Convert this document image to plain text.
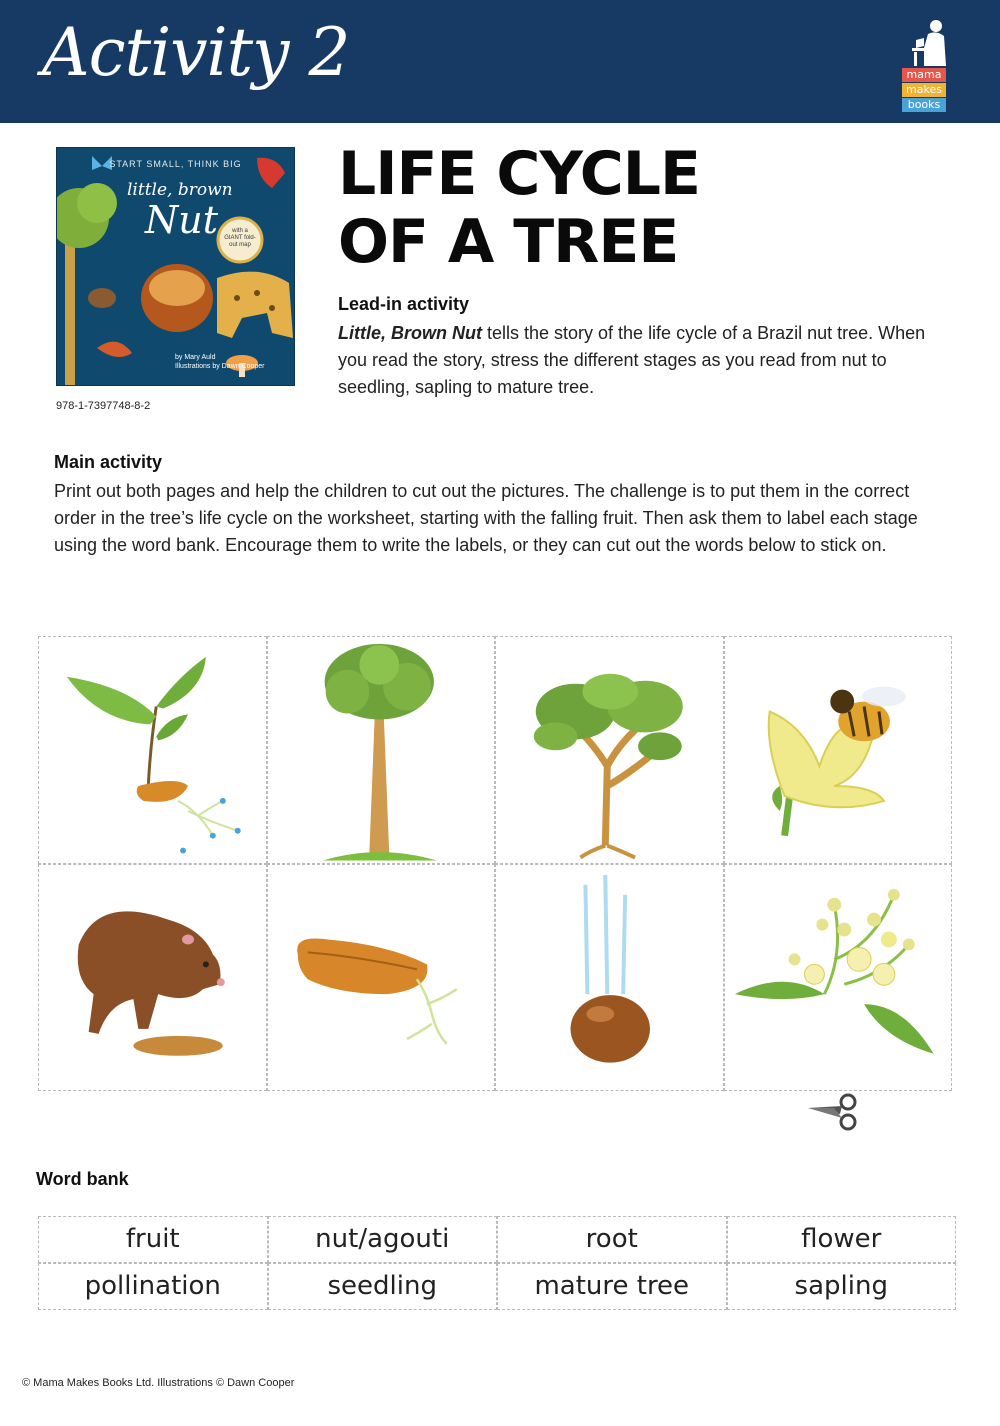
Activity 2	mama
makes
books
START SMALL, THINK BIG
little, brown
Nut	with a GIANT fold-out map
by Mary Auld
Illustrations by Dawn Cooper
978-1-7397748-8-2
LIFE CYCLE
OF A TREE
Lead-in activity
Little, Brown Nut tells the story of the life cycle of a Brazil nut tree. When you read the story, stress the different stages as you read from nut to seedling, sapling to mature tree.
Main activity
Print out both pages and help the children to cut out the pictures. The challenge is to put them in the correct order in the tree’s life cycle on the worksheet, starting with the falling fruit. Then ask them to label each stage using the word bank. Encourage them to write the labels, or they can cut out the words below to stick on.
Word bank
fruit	nut/agouti	root	flower
pollination	seedling	mature tree	sapling
© Mama Makes Books Ltd. Illustrations © Dawn Cooper
